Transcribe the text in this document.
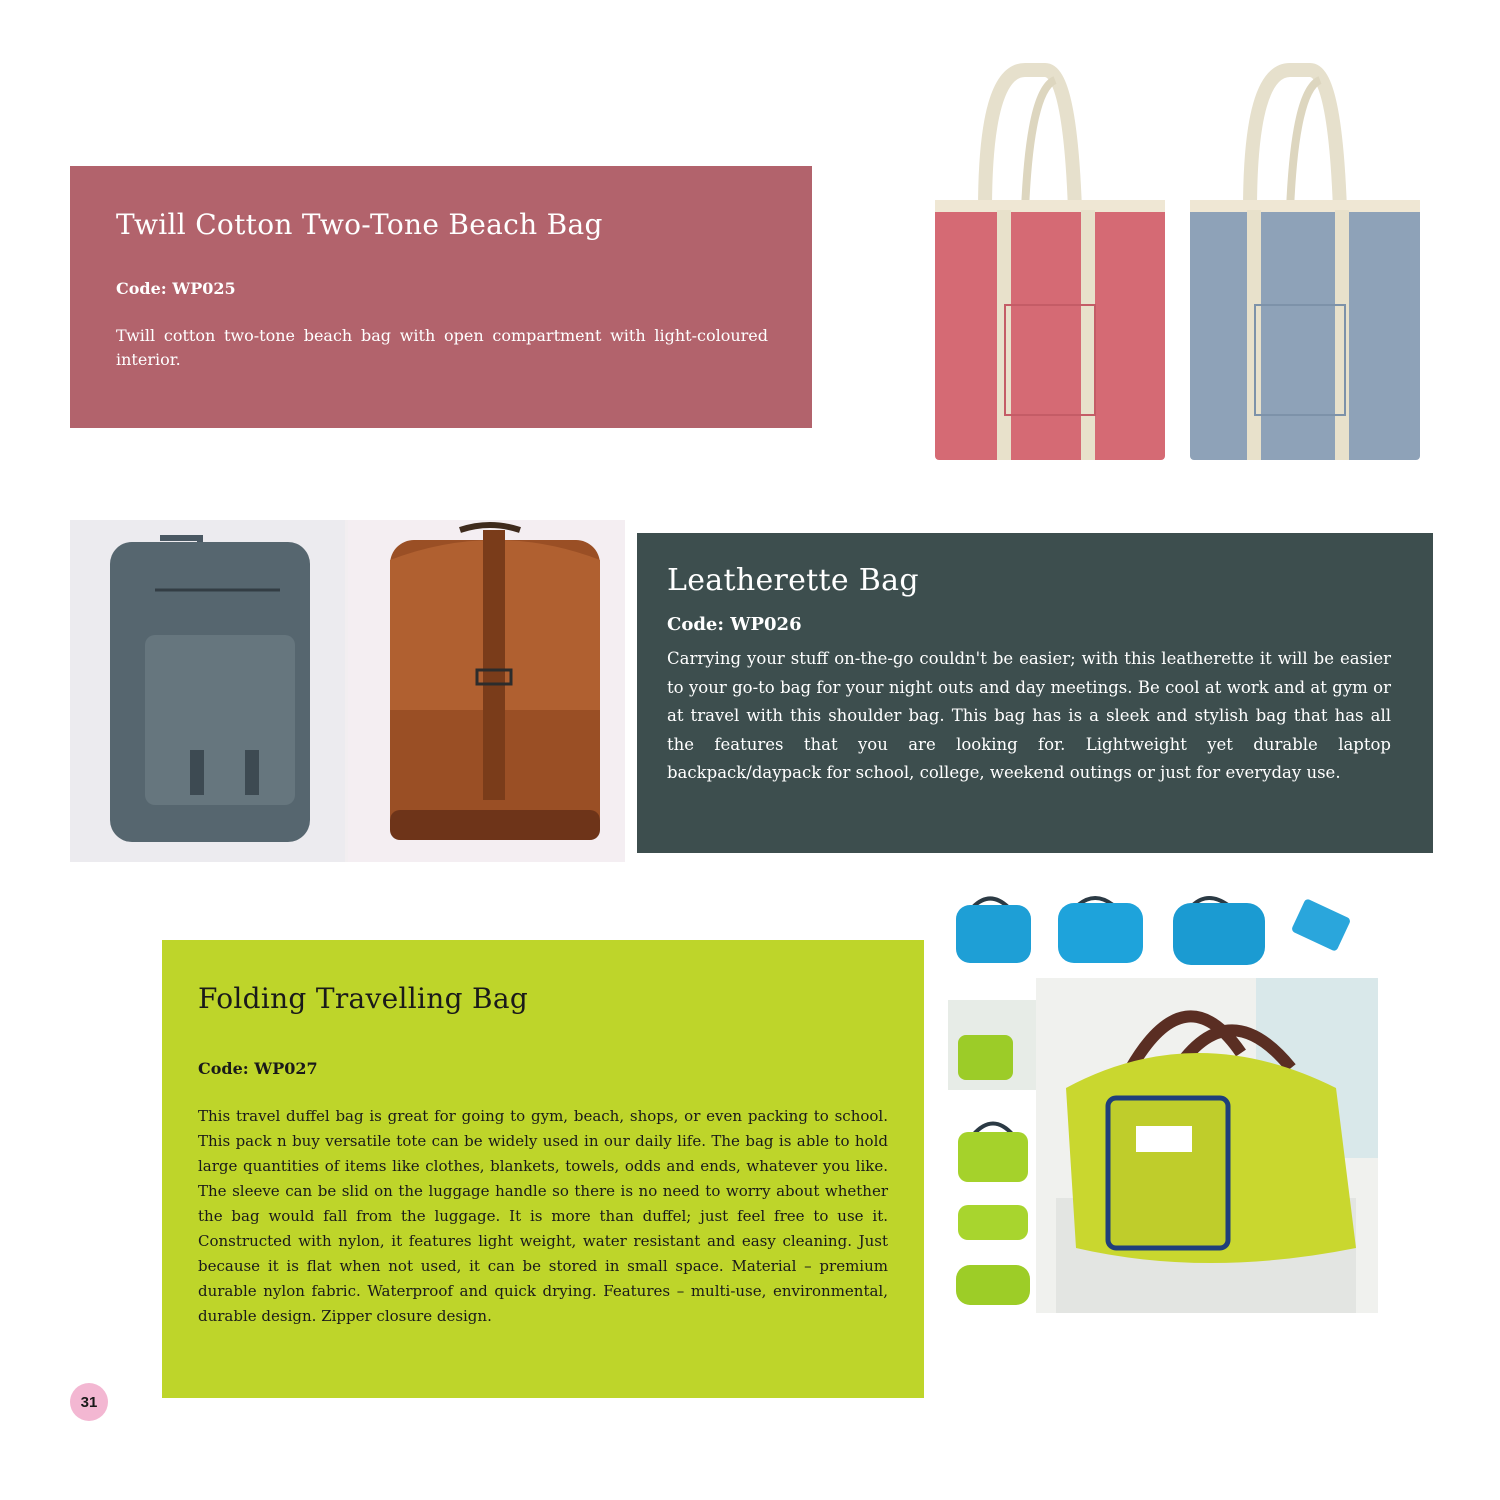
Twill Cotton Two-Tone Beach Bag
Code: WP025

Twill cotton two-tone beach bag with open compartment with light-coloured interior.

Leatherette Bag
Code: WP026

Carrying your stuff on-the-go couldn't be easier; with this leatherette it will be easier to your go-to bag for your night outs and day meetings. Be cool at work and at gym or at travel with this shoulder bag. This bag has is a sleek and stylish bag that has all the features that you are looking for. Lightweight yet durable laptop backpack/daypack for school, college, weekend outings or just for everyday use.

Folding Travelling Bag
Code: WP027

This travel duffel bag is great for going to gym, beach, shops, or even packing to school. This pack n buy versatile tote can be widely used in our daily life. The bag is able to hold large quantities of items like clothes, blankets, towels, odds and ends, whatever you like. The sleeve can be slid on the luggage handle so there is no need to worry about whether the bag would fall from the luggage. It is more than duffel; just feel free to use it. Constructed with nylon, it features light weight, water resistant and easy cleaning. Just because it is flat when not used, it can be stored in small space. Material – premium durable nylon fabric. Waterproof and quick drying. Features – multi-use, environmental, durable design. Zipper closure design.

31
